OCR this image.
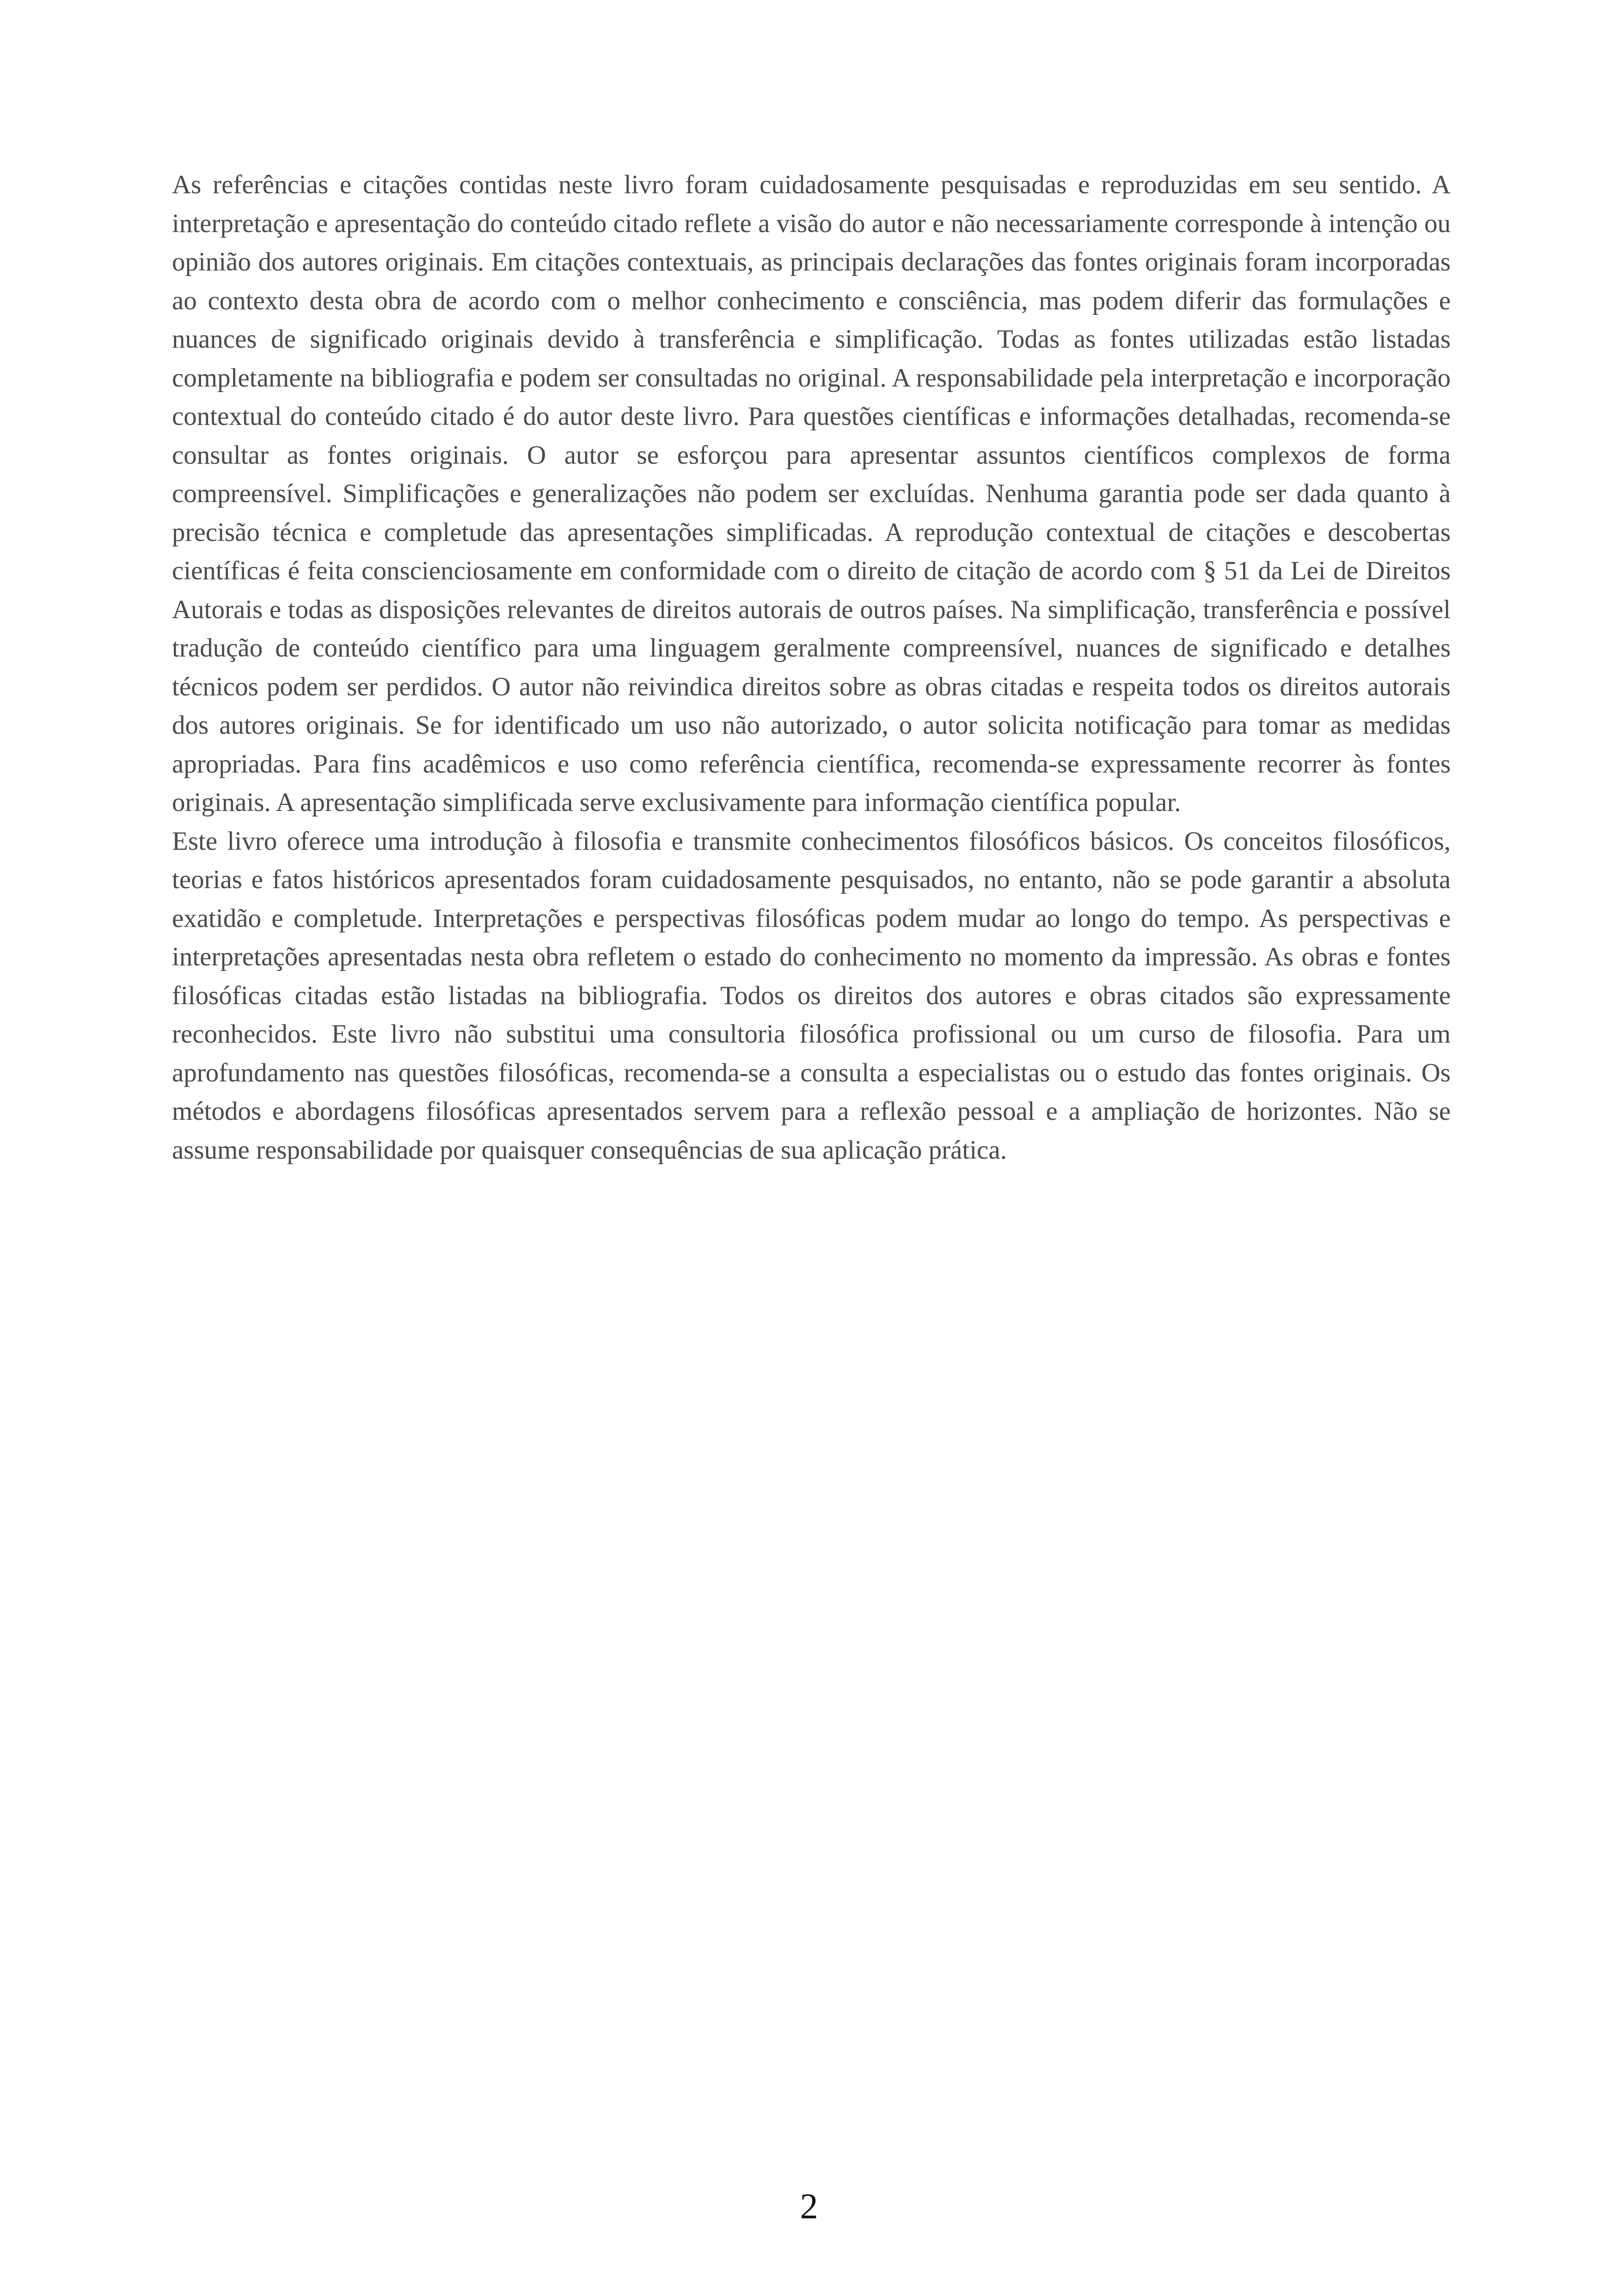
As referências e citações contidas neste livro foram cuidadosamente pesquisadas e reproduzidas em seu sentido. A interpretação e apresentação do conteúdo citado reflete a visão do autor e não necessariamente corresponde à intenção ou opinião dos autores originais. Em citações contextuais, as principais declarações das fontes originais foram incorporadas ao contexto desta obra de acordo com o melhor conhecimento e consciência, mas podem diferir das formulações e nuances de significado originais devido à transferência e simplificação. Todas as fontes utilizadas estão listadas completamente na bibliografia e podem ser consultadas no original. A responsabilidade pela interpretação e incorporação contextual do conteúdo citado é do autor deste livro. Para questões científicas e informações detalhadas, recomenda-se consultar as fontes originais. O autor se esforçou para apresentar assuntos científicos complexos de forma compreensível. Simplificações e generalizações não podem ser excluídas. Nenhuma garantia pode ser dada quanto à precisão técnica e completude das apresentações simplificadas. A reprodução contextual de citações e descobertas científicas é feita conscienciosamente em conformidade com o direito de citação de acordo com § 51 da Lei de Direitos Autorais e todas as disposições relevantes de direitos autorais de outros países. Na simplificação, transferência e possível tradução de conteúdo científico para uma linguagem geralmente compreensível, nuances de significado e detalhes técnicos podem ser perdidos. O autor não reivindica direitos sobre as obras citadas e respeita todos os direitos autorais dos autores originais. Se for identificado um uso não autorizado, o autor solicita notificação para tomar as medidas apropriadas. Para fins acadêmicos e uso como referência científica, recomenda-se expressamente recorrer às fontes originais. A apresentação simplificada serve exclusivamente para informação científica popular.

Este livro oferece uma introdução à filosofia e transmite conhecimentos filosóficos básicos. Os conceitos filosóficos, teorias e fatos históricos apresentados foram cuidadosamente pesquisados, no entanto, não se pode garantir a absoluta exatidão e completude. Interpretações e perspectivas filosóficas podem mudar ao longo do tempo. As perspectivas e interpretações apresentadas nesta obra refletem o estado do conhecimento no momento da impressão. As obras e fontes filosóficas citadas estão listadas na bibliografia. Todos os direitos dos autores e obras citados são expressamente reconhecidos. Este livro não substitui uma consultoria filosófica profissional ou um curso de filosofia. Para um aprofundamento nas questões filosóficas, recomenda-se a consulta a especialistas ou o estudo das fontes originais. Os métodos e abordagens filosóficas apresentados servem para a reflexão pessoal e a ampliação de horizontes. Não se assume responsabilidade por quaisquer consequências de sua aplicação prática.

2
